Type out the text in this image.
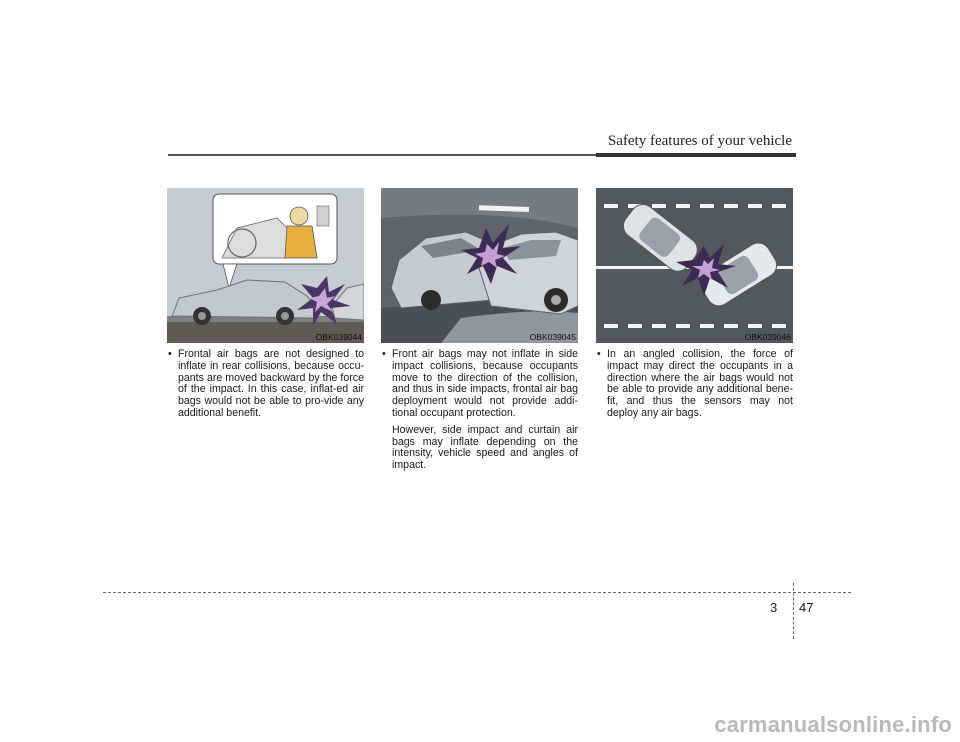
Safety features of your vehicle
OBK039044
• Frontal air bags are not designed to inflate in rear collisions, because occu-pants are moved backward by the force of the impact. In this case, inflat-ed air bags would not be able to pro-vide any additional benefit.
OBK039045
• Front air bags may not inflate in side impact collisions, because occupants move to the direction of the collision, and thus in side impacts, frontal air bag deployment would not provide addi-tional occupant protection.
However, side impact and curtain air bags may inflate depending on the intensity, vehicle speed and angles of impact.
OBK039046
• In an angled collision, the force of impact may direct the occupants in a direction where the air bags would not be able to provide any additional bene-fit, and thus the sensors may not deploy any air bags.
3 47
carmanualsonline.info
